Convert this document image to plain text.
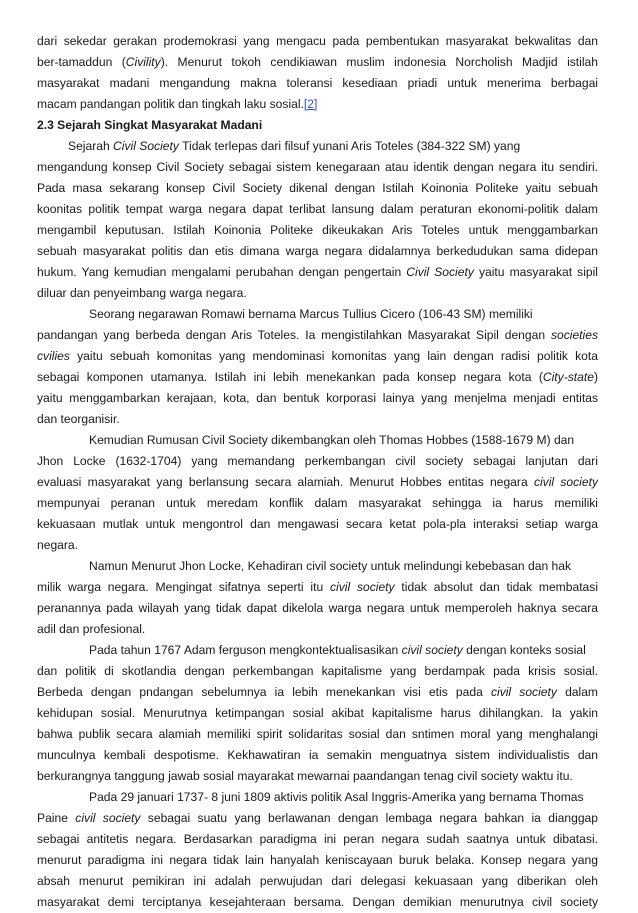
dari sekedar gerakan prodemokrasi yang mengacu pada pembentukan masyarakat bekwalitas dan
ber-tamaddun (Civility). Menurut tokoh cendikiawan muslim indonesia Norcholish Madjid istilah
masyarakat madani mengandung makna toleransi kesediaan priadi untuk menerima berbagai
macam pandangan politik dan tingkah laku sosial.[2]
2.3 Sejarah Singkat Masyarakat Madani
Sejarah Civil Society Tidak terlepas dari filsuf yunani Aris Toteles (384-322 SM) yang
mengandung konsep Civil Society sebagai sistem kenegaraan atau identik dengan negara itu sendiri.
Pada masa sekarang konsep Civil Society dikenal dengan Istilah Koinonia Politeke yaitu sebuah
koonitas politik tempat warga negara dapat terlibat lansung dalam peraturan ekonomi-politik dalam
mengambil keputusan. Istilah Koinonia Politeke dikeukakan Aris Toteles untuk menggambarkan
sebuah masyarakat politis dan etis dimana warga negara didalamnya berkedudukan sama didepan
hukum. Yang kemudian mengalami perubahan dengan pengertain Civil Society yaitu masyarakat sipil
diluar dan penyeimbang warga negara.
Seorang negarawan Romawi bernama Marcus Tullius Cicero (106-43 SM) memiliki
pandangan yang berbeda dengan Aris Toteles. Ia mengistilahkan Masyarakat Sipil dengan societies
cvilies yaitu sebuah komonitas yang mendominasi komonitas yang lain dengan radisi politik kota
sebagai komponen utamanya. Istilah ini lebih menekankan pada konsep negara kota (City-state)
yaitu menggambarkan kerajaan, kota, dan bentuk korporasi lainya yang menjelma menjadi entitas
dan teorganisir.
Kemudian Rumusan Civil Society dikembangkan oleh Thomas Hobbes (1588-1679 M) dan
Jhon Locke (1632-1704) yang memandang perkembangan civil society sebagai lanjutan dari
evaluasi masyarakat yang berlansung secara alamiah. Menurut Hobbes entitas negara civil society
mempunyai peranan untuk meredam konflik dalam masyarakat sehingga ia harus memiliki
kekuasaan mutlak untuk mengontrol dan mengawasi secara ketat pola-pla interaksi setiap warga
negara.
Namun Menurut Jhon Locke, Kehadiran civil society untuk melindungi kebebasan dan hak
milik warga negara. Mengingat sifatnya seperti itu civil society tidak absolut dan tidak membatasi
peranannya pada wilayah yang tidak dapat dikelola warga negara untuk memperoleh haknya secara
adil dan profesional.
Pada tahun 1767 Adam ferguson mengkontektualisasikan civil society dengan konteks sosial
dan politik di skotlandia dengan perkembangan kapitalisme yang berdampak pada krisis sosial.
Berbeda dengan pndangan sebelumnya ia lebih menekankan visi etis pada civil society dalam
kehidupan sosial. Menurutnya ketimpangan sosial akibat kapitalisme harus dihilangkan. Ia yakin
bahwa publik secara alamiah memiliki spirit solidaritas sosial dan sntimen moral yang menghalangi
munculnya kembali despotisme. Kekhawatiran ia semakin menguatnya sistem individualistis dan
berkurangnya tanggung jawab sosial mayarakat mewarnai paandangan tenag civil society waktu itu.
Pada 29 januari 1737- 8 juni 1809 aktivis politik Asal Inggris-Amerika yang bernama Thomas
Paine civil society sebagai suatu yang berlawanan dengan lembaga negara bahkan ia dianggap
sebagai antitetis negara. Berdasarkan paradigma ini peran negara sudah saatnya untuk dibatasi.
menurut paradigma ini negara tidak lain hanyalah keniscayaan buruk belaka. Konsep negara yang
absah menurut pemikiran ini adalah perwujudan dari delegasi kekuasaan yang diberikan oleh
masyarakat demi terciptanya kesejahteraan bersama. Dengan demikian menurutnya civil society
